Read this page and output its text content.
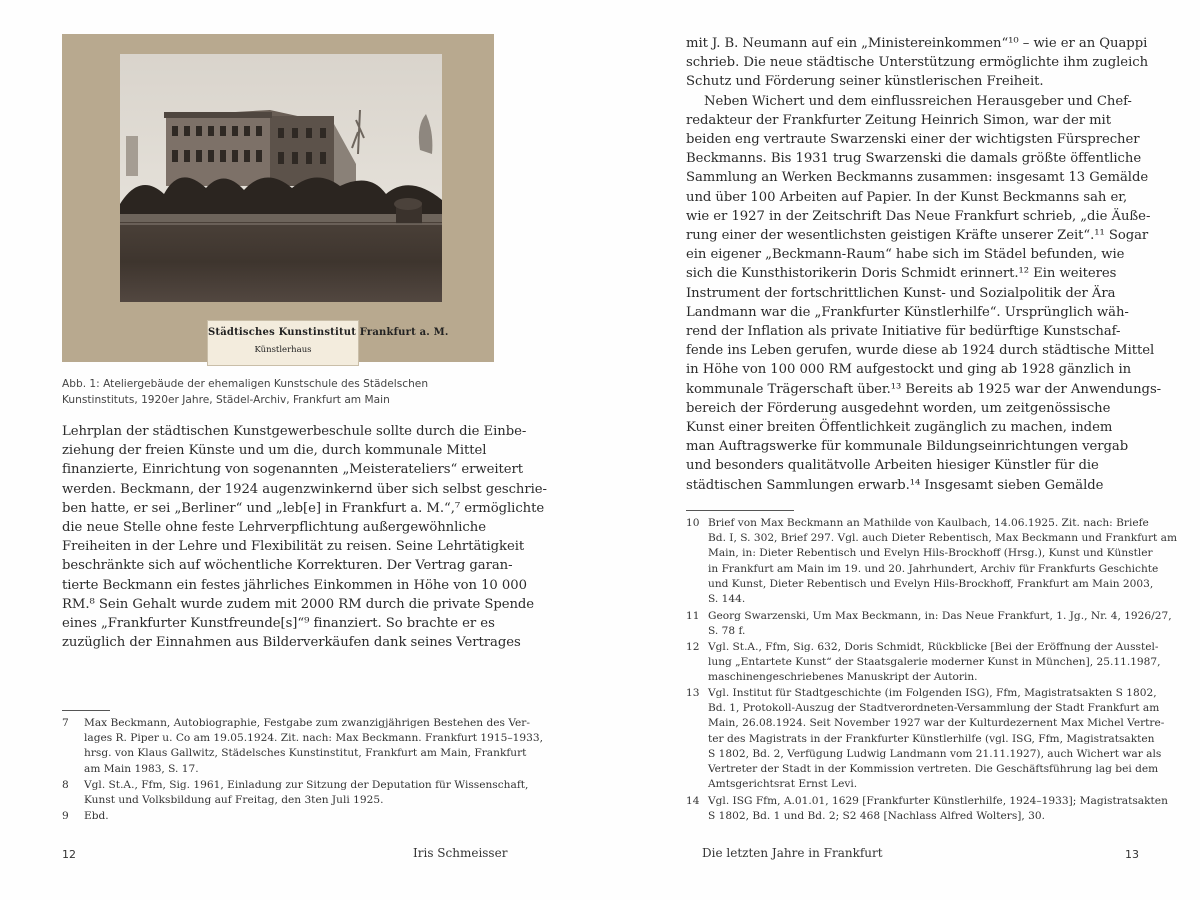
Städtisches Kunstinstitut Frankfurt a. M.
Künstlerhaus
Abb. 1: Ateliergebäude der ehemaligen Kunstschule des Städelschen
Kunstinstituts, 1920er Jahre, Städel-Archiv, Frankfurt am Main
Lehrplan der städtischen Kunstgewerbeschule sollte durch die Einbe-
ziehung der freien Künste und um die, durch kommunale Mittel
finanzierte, Einrichtung von sogenannten „Meisterateliers“ erweitert
werden. Beckmann, der 1924 augenzwinkernd über sich selbst geschrie-
ben hatte, er sei „Berliner“ und „leb[e] in Frankfurt a. M.“,⁷ ermöglichte
die neue Stelle ohne feste Lehrverpflichtung außergewöhnliche
Freiheiten in der Lehre und Flexibilität zu reisen. Seine Lehrtätigkeit
beschränkte sich auf wöchentliche Korrekturen. Der Vertrag garan-
tierte Beckmann ein festes jährliches Einkommen in Höhe von 10 000
RM.⁸ Sein Gehalt wurde zudem mit 2000 RM durch die private Spende
eines „Frankfurter Kunstfreunde[s]“⁹ finanziert. So brachte er es
zuzüglich der Einnahmen aus Bilderverkäufen dank seines Vertrages
7	Max Beckmann, Autobiographie, Festgabe zum zwanzigjährigen Bestehen des Ver-
lages R. Piper u. Co am 19.05.1924. Zit. nach: Max Beckmann. Frankfurt 1915–1933,
hrsg. von Klaus Gallwitz, Städelsches Kunstinstitut, Frankfurt am Main, Frankfurt
am Main 1983, S. 17.
8	Vgl. St.A., Ffm, Sig. 1961, Einladung zur Sitzung der Deputation für Wissenschaft,
Kunst und Volksbildung auf Freitag, den 3ten Juli 1925.
9	Ebd.
12	Iris Schmeisser
mit J. B. Neumann auf ein „Ministereinkommen“¹⁰ – wie er an Quappi
schrieb. Die neue städtische Unterstützung ermöglichte ihm zugleich
Schutz und Förderung seiner künstlerischen Freiheit.
Neben Wichert und dem einflussreichen Herausgeber und Chef-
redakteur der Frankfurter Zeitung Heinrich Simon, war der mit
beiden eng vertraute Swarzenski einer der wichtigsten Fürsprecher
Beckmanns. Bis 1931 trug Swarzenski die damals größte öffentliche
Sammlung an Werken Beckmanns zusammen: insgesamt 13 Gemälde
und über 100 Arbeiten auf Papier. In der Kunst Beckmanns sah er,
wie er 1927 in der Zeitschrift Das Neue Frankfurt schrieb, „die Äuße-
rung einer der wesentlichsten geistigen Kräfte unserer Zeit“.¹¹ Sogar
ein eigener „Beckmann-Raum“ habe sich im Städel befunden, wie
sich die Kunsthistorikerin Doris Schmidt erinnert.¹² Ein weiteres
Instrument der fortschrittlichen Kunst- und Sozialpolitik der Ära
Landmann war die „Frankfurter Künstlerhilfe“. Ursprünglich wäh-
rend der Inflation als private Initiative für bedürftige Kunstschaf-
fende ins Leben gerufen, wurde diese ab 1924 durch städtische Mittel
in Höhe von 100 000 RM aufgestockt und ging ab 1928 gänzlich in
kommunale Trägerschaft über.¹³ Bereits ab 1925 war der Anwendungs-
bereich der Förderung ausgedehnt worden, um zeitgenössische
Kunst einer breiten Öffentlichkeit zugänglich zu machen, indem
man Auftragswerke für kommunale Bildungseinrichtungen vergab
und besonders qualitätvolle Arbeiten hiesiger Künstler für die
städtischen Sammlungen erwarb.¹⁴ Insgesamt sieben Gemälde
10 Brief von Max Beckmann an Mathilde von Kaulbach, 14.06.1925. Zit. nach: Briefe
Bd. I, S. 302, Brief 297. Vgl. auch Dieter Rebentisch, Max Beckmann und Frankfurt am
Main, in: Dieter Rebentisch und Evelyn Hils-Brockhoff (Hrsg.), Kunst und Künstler
in Frankfurt am Main im 19. und 20. Jahrhundert, Archiv für Frankfurts Geschichte
und Kunst, Dieter Rebentisch und Evelyn Hils-Brockhoff, Frankfurt am Main 2003,
S. 144.
11 Georg Swarzenski, Um Max Beckmann, in: Das Neue Frankfurt, 1. Jg., Nr. 4, 1926/27,
S. 78 f.
12 Vgl. St.A., Ffm, Sig. 632, Doris Schmidt, Rückblicke [Bei der Eröffnung der Ausstel-
lung „Entartete Kunst“ der Staatsgalerie moderner Kunst in München], 25.11.1987,
maschinengeschriebenes Manuskript der Autorin.
13 Vgl. Institut für Stadtgeschichte (im Folgenden ISG), Ffm, Magistratsakten S 1802,
Bd. 1, Protokoll-Auszug der Stadtverordneten-Versammlung der Stadt Frankfurt am
Main, 26.08.1924. Seit November 1927 war der Kulturdezernent Max Michel Vertre-
ter des Magistrats in der Frankfurter Künstlerhilfe (vgl. ISG, Ffm, Magistratsakten
S 1802, Bd. 2, Verfügung Ludwig Landmann vom 21.11.1927), auch Wichert war als
Vertreter der Stadt in der Kommission vertreten. Die Geschäftsführung lag bei dem
Amtsgerichtsrat Ernst Levi.
14 Vgl. ISG Ffm, A.01.01, 1629 [Frankfurter Künstlerhilfe, 1924–1933]; Magistratsakten
S 1802, Bd. 1 und Bd. 2; S2 468 [Nachlass Alfred Wolters], 30.
Die letzten Jahre in Frankfurt	13
